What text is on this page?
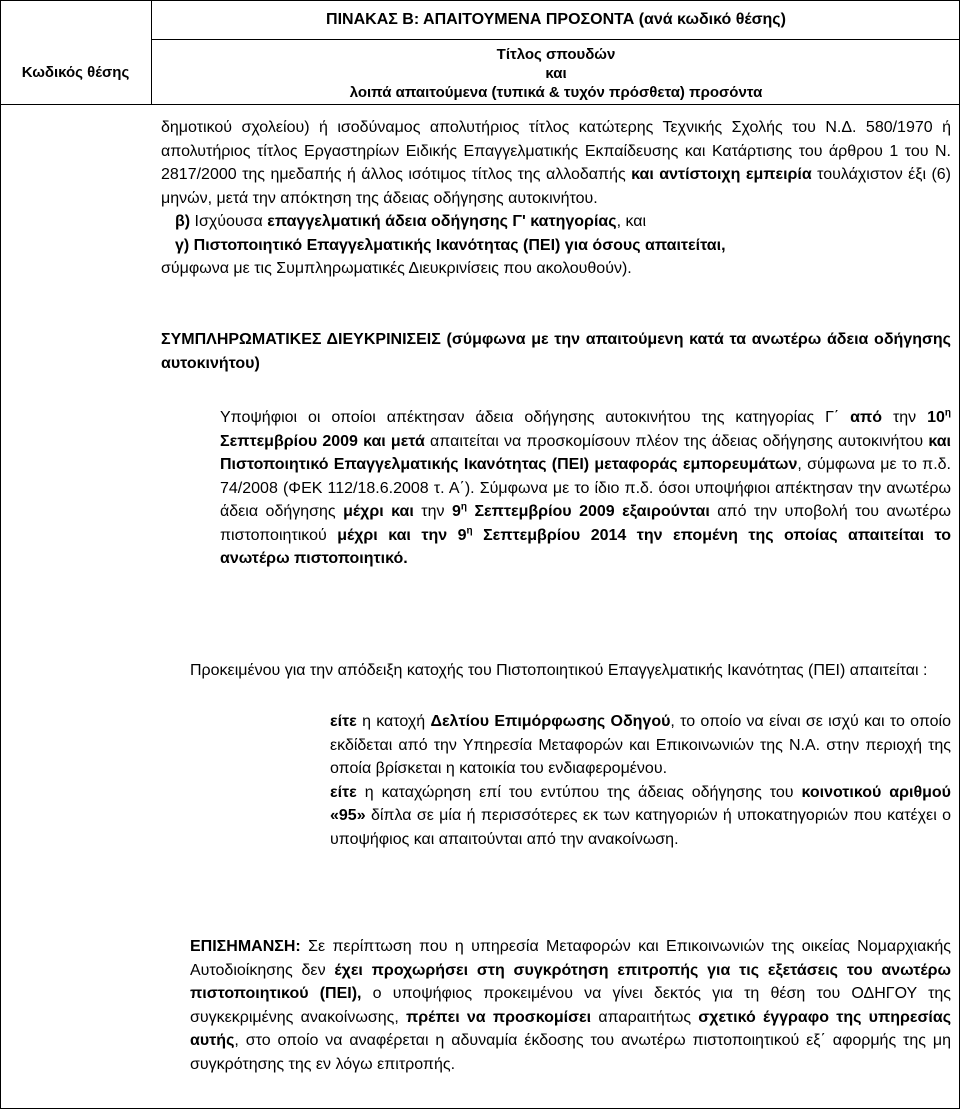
ΠΙΝΑΚΑΣ Β: ΑΠΑΙΤΟΥΜΕΝΑ ΠΡΟΣΟΝΤΑ (ανά κωδικό θέσης)
Κωδικός θέσης
Τίτλος σπουδών
και
λοιπά απαιτούμενα (τυπικά & τυχόν πρόσθετα) προσόντα

δημοτικού σχολείου) ή ισοδύναμος απολυτήριος τίτλος κατώτερης Τεχνικής Σχολής του Ν.Δ. 580/1970 ή απολυτήριος τίτλος Εργαστηρίων Ειδικής Επαγγελματικής Εκπαίδευσης και Κατάρτισης του άρθρου 1 του Ν. 2817/2000 της ημεδαπής ή άλλος ισότιμος τίτλος της αλλοδαπής και αντίστοιχη εμπειρία τουλάχιστον έξι (6) μηνών, μετά την απόκτηση της άδειας οδήγησης αυτοκινήτου.

β) Ισχύουσα επαγγελματική άδεια οδήγησης Γ' κατηγορίας, και

γ) Πιστοποιητικό Επαγγελματικής Ικανότητας (ΠΕΙ) για όσους απαιτείται,

σύμφωνα με τις Συμπληρωματικές Διευκρινίσεις που ακολουθούν).

ΣΥΜΠΛΗΡΩΜΑΤΙΚΕΣ ΔΙΕΥΚΡΙΝΙΣΕΙΣ (σύμφωνα με την απαιτούμενη κατά τα ανωτέρω άδεια οδήγησης αυτοκινήτου)

Υποψήφιοι οι οποίοι απέκτησαν άδεια οδήγησης αυτοκινήτου της κατηγορίας Γ΄ από την $10^\eta$ Σεπτεμβρίου 2009 και μετά απαιτείται να προσκομίσουν πλέον της άδειας οδήγησης αυτοκινήτου και Πιστοποιητικό Επαγγελματικής Ικανότητας (ΠΕΙ) μεταφοράς εμπορευμάτων, σύμφωνα με το π.δ. 74/2008 (ΦΕΚ 112/18.6.2008 τ. Α΄). Σύμφωνα με το ίδιο π.δ. όσοι υποψήφιοι απέκτησαν την ανωτέρω άδεια οδήγησης μέχρι και την $9^\eta$ Σεπτεμβρίου 2009 εξαιρούνται από την υποβολή του ανωτέρω πιστοποιητικού μέχρι και την $9^\eta$ Σεπτεμβρίου 2014 την επομένη της οποίας απαιτείται το ανωτέρω πιστοποιητικό.

Προκειμένου για την απόδειξη κατοχής του Πιστοποιητικού Επαγγελματικής Ικανότητας (ΠΕΙ) απαιτείται :

είτε η κατοχή Δελτίου Επιμόρφωσης Οδηγού, το οποίο να είναι σε ισχύ και το οποίο εκδίδεται από την Υπηρεσία Μεταφορών και Επικοινωνιών της Ν.Α. στην περιοχή της οποία βρίσκεται η κατοικία του ενδιαφερομένου.

είτε η καταχώρηση επί του εντύπου της άδειας οδήγησης του κοινοτικού αριθμού «95» δίπλα σε μία ή περισσότερες εκ των κατηγοριών ή υποκατηγοριών που κατέχει ο υποψήφιος και απαιτούνται από την ανακοίνωση.

ΕΠΙΣΗΜΑΝΣΗ: Σε περίπτωση που η υπηρεσία Μεταφορών και Επικοινωνιών της οικείας Νομαρχιακής Αυτοδιοίκησης δεν έχει προχωρήσει στη συγκρότηση επιτροπής για τις εξετάσεις του ανωτέρω πιστοποιητικού (ΠΕΙ), ο υποψήφιος προκειμένου να γίνει δεκτός για τη θέση του ΟΔΗΓΟΥ της συγκεκριμένης ανακοίνωσης, πρέπει να προσκομίσει απαραιτήτως σχετικό έγγραφο της υπηρεσίας αυτής, στο οποίο να αναφέρεται η αδυναμία έκδοσης του ανωτέρω πιστοποιητικού εξ΄ αφορμής της μη συγκρότησης της εν λόγω επιτροπής.
